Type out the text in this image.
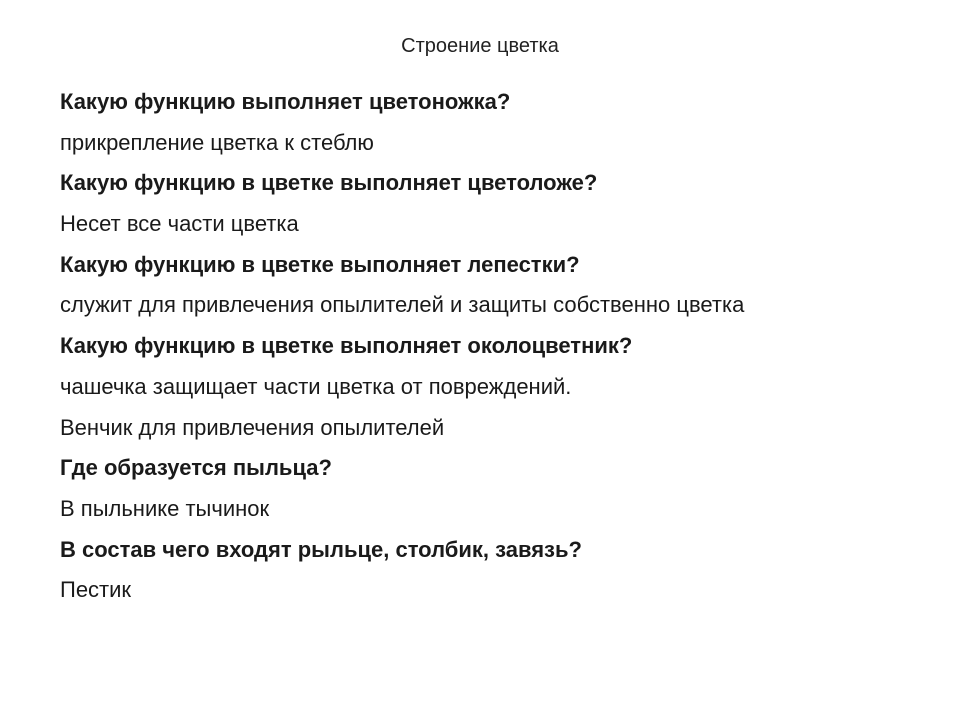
Строение цветка
Какую функцию выполняет цветоножка?
прикрепление цветка к стеблю
Какую функцию в цветке выполняет цветоложе?
Несет все части цветка
Какую функцию в цветке выполняет лепестки?
служит для привлечения опылителей и защиты собственно цветка
Какую функцию в цветке выполняет околоцветник?
чашечка защищает части цветка от повреждений.
Венчик для привлечения опылителей
Где образуется пыльца?
В пыльнике тычинок
В состав чего входят рыльце, столбик, завязь?
Пестик
